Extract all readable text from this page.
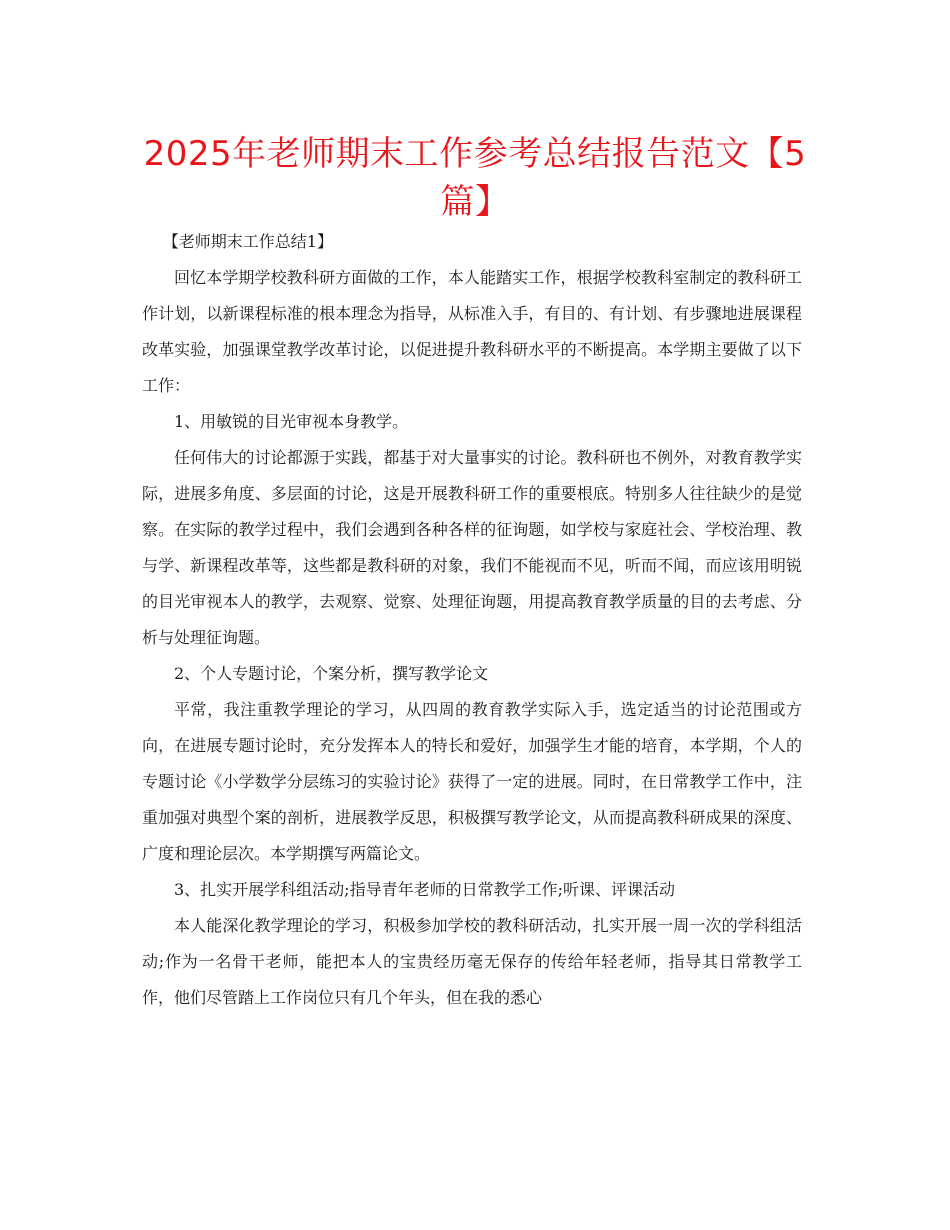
2025年老师期末工作参考总结报告范文【5篇】

【老师期末工作总结1】

回忆本学期学校教科研方面做的工作，本人能踏实工作，根据学校教科室制定的教科研工作计划，以新课程标准的根本理念为指导，从标准入手，有目的、有计划、有步骤地进展课程改革实验，加强课堂教学改革讨论，以促进提升教科研水平的不断提高。本学期主要做了以下工作：

1、用敏锐的目光审视本身教学。

任何伟大的讨论都源于实践，都基于对大量事实的讨论。教科研也不例外，对教育教学实际，进展多角度、多层面的讨论，这是开展教科研工作的重要根底。特别多人往往缺少的是觉察。在实际的教学过程中，我们会遇到各种各样的征询题，如学校与家庭社会、学校治理、教与学、新课程改革等，这些都是教科研的对象，我们不能视而不见，听而不闻，而应该用明锐的目光审视本人的教学，去观察、觉察、处理征询题，用提高教育教学质量的目的去考虑、分析与处理征询题。

2、个人专题讨论，个案分析，撰写教学论文

平常，我注重教学理论的学习，从四周的教育教学实际入手，选定适当的讨论范围或方向，在进展专题讨论时，充分发挥本人的特长和爱好，加强学生才能的培育，本学期，个人的专题讨论《小学数学分层练习的实验讨论》获得了一定的进展。同时，在日常教学工作中，注重加强对典型个案的剖析，进展教学反思，积极撰写教学论文，从而提高教科研成果的深度、广度和理论层次。本学期撰写两篇论文。

3、扎实开展学科组活动;指导青年老师的日常教学工作;听课、评课活动

本人能深化教学理论的学习，积极参加学校的教科研活动，扎实开展一周一次的学科组活动;作为一名骨干老师，能把本人的宝贵经历毫无保存的传给年轻老师，指导其日常教学工作，他们尽管踏上工作岗位只有几个年头，但在我的悉心
